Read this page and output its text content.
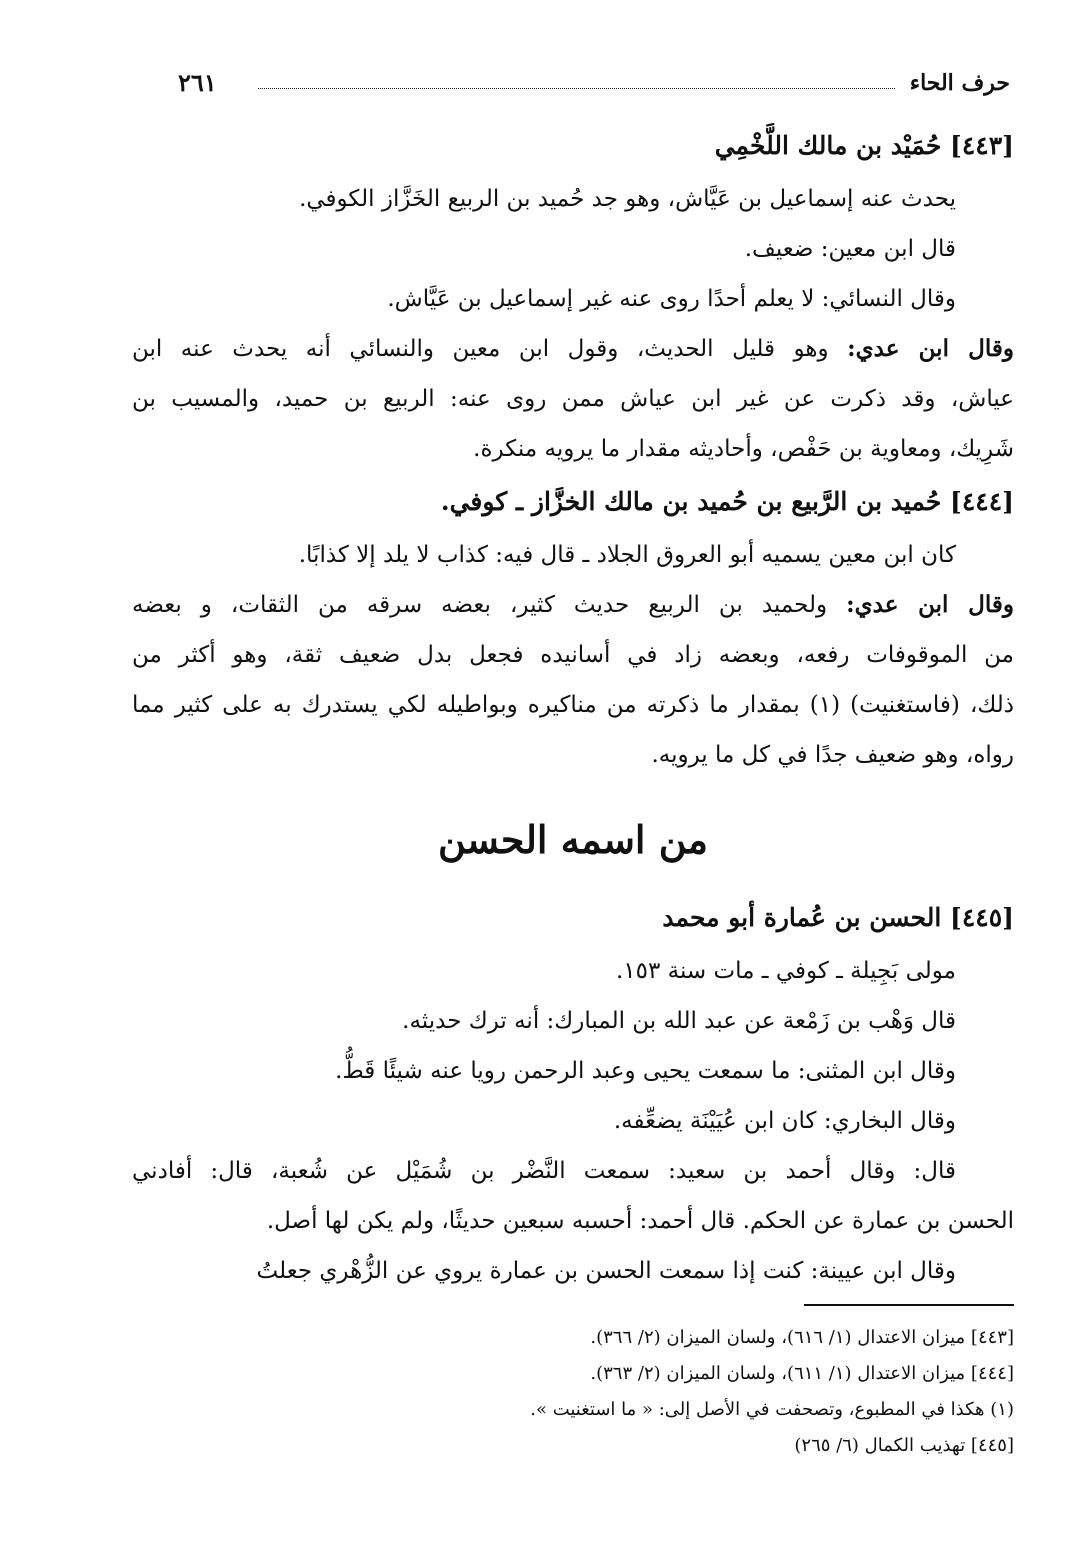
حرف الحاء
٢٦١
[٤٤٣] حُمَيْد بن مالك اللَّخْمِي
يحدث عنه إسماعيل بن عَيَّاش، وهو جد حُميد بن الربيع الخَزَّاز الكوفي.
قال ابن معين: ضعيف.
وقال النسائي: لا يعلم أحدًا روى عنه غير إسماعيل بن عَيَّاش.
وقال ابن عدي: وهو قليل الحديث، وقول ابن معين والنسائي أنه يحدث عنه ابن
عياش، وقد ذكرت عن غير ابن عياش ممن روى عنه: الربيع بن حميد، والمسيب بن
شَرِيك، ومعاوية بن حَفْص، وأحاديثه مقدار ما يرويه منكرة.
[٤٤٤] حُميد بن الرَّبيع بن حُميد بن مالك الخزَّاز ـ كوفي.
كان ابن معين يسميه أبو العروق الجلاد ـ قال فيه: كذاب لا يلد إلا كذابًا.
وقال ابن عدي: ولحميد بن الربيع حديث كثير، بعضه سرقه من الثقات، و بعضه
من الموقوفات رفعه، وبعضه زاد في أسانيده فجعل بدل ضعيف ثقة، وهو أكثر من
ذلك، (فاستغنيت) (١) بمقدار ما ذكرته من مناكيره وبواطيله لكي يستدرك به على كثير مما
رواه، وهو ضعيف جدًا في كل ما يرويه.
من اسمه الحسن
[٤٤٥] الحسن بن عُمارة أبو محمد
مولى بَجِيلة ـ كوفي ـ مات سنة ١٥٣.
قال وَهْب بن زَمْعة عن عبد الله بن المبارك: أنه ترك حديثه.
وقال ابن المثنى: ما سمعت يحيى وعبد الرحمن رويا عنه شيئًا قَطُّ.
وقال البخاري: كان ابن عُيَيْنَة يضعِّفه.
قال: وقال أحمد بن سعيد: سمعت النَّضْر بن شُمَيْل عن شُعبة، قال: أفادني
الحسن بن عمارة عن الحكم. قال أحمد: أحسبه سبعين حديثًا، ولم يكن لها أصل.
وقال ابن عيينة: كنت إذا سمعت الحسن بن عمارة يروي عن الزُّهْري جعلتُ
[٤٤٣] ميزان الاعتدال (١/ ٦١٦)، ولسان الميزان (٢/ ٣٦٦).
[٤٤٤] ميزان الاعتدال (١/ ٦١١)، ولسان الميزان (٢/ ٣٦٣).
(١) هكذا في المطبوع، وتصحفت في الأصل إلى: « ما استغنيت ».
[٤٤٥] تهذيب الكمال (٦/ ٢٦٥)
